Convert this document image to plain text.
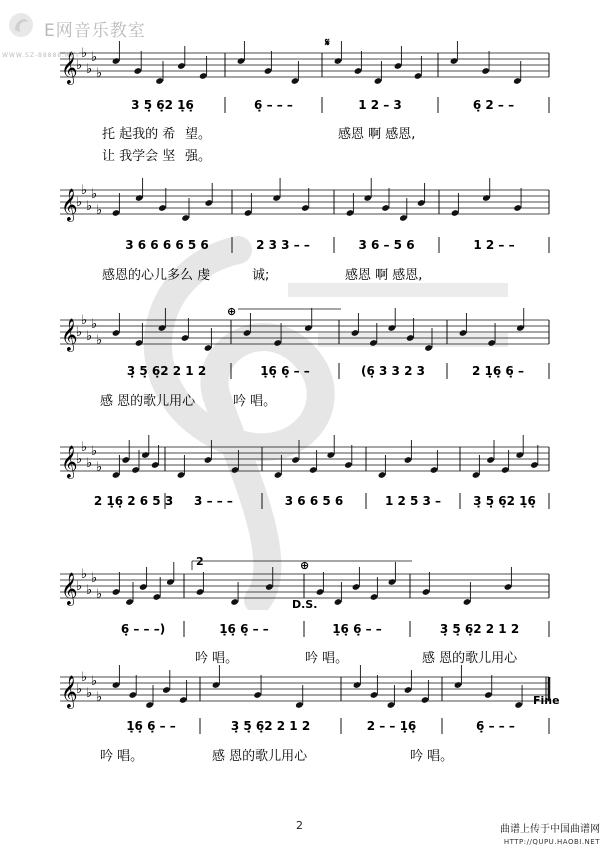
𝄞
♭
♭
♭
♭
♭
3 5̣ 6̣2 1̣6̣	6̣ – – –	1 2 – 3	6̣ 2 – –
托 起我的 希 望。	感恩 啊 感恩,
让 我学会 坚 强。
𝄞
♭
♭
♭
♭
♭
3 6 6 6 6 5 6	2 3 3 – –	3 6 – 5 6	1 2 – –
感恩的心儿多么 虔	诚;	感恩 啊 感恩,
𝄞
♭
♭
♭
♭
♭
3̣ 5̣ 6̣2 2 1 2	1̣6̣ 6̣ – –	(6̣ 3 3 2 3	2 1̣6̣ 6̣ –
感 恩的歌儿用心	吟 唱。
𝄞
♭
♭
♭
♭
♭
2 1̣6̣ 2 6 5 3 3 – – –	3 6 6 5 6	1 2 5 3 –	3̣ 5̣ 6̣2 1̣6̣
𝄞
♭
♭
♭
♭
♭
6̣ – – –)	1̣6̣ 6̣ – –	1̣6̣ 6̣ – –	3̣ 5̣ 6̣2 2 1 2
吟 唱。	吟 唱。	感 恩的歌儿用心
𝄞
♭
♭
♭
♭
♭
1̣6̣ 6̣ – –	3̣ 5̣ 6̣2 2 1 2	2 – – 1̣6̣	6̣ – – –
吟 唱。	感 恩的歌儿用心	吟 唱。
𝄋
⊕
2	⊕
D.S.
Fine
E网音乐教室
WWW.SZ-88888.NET
2	曲谱上传于中国曲谱网
HTTP://QUPU.HAOBI.NET
